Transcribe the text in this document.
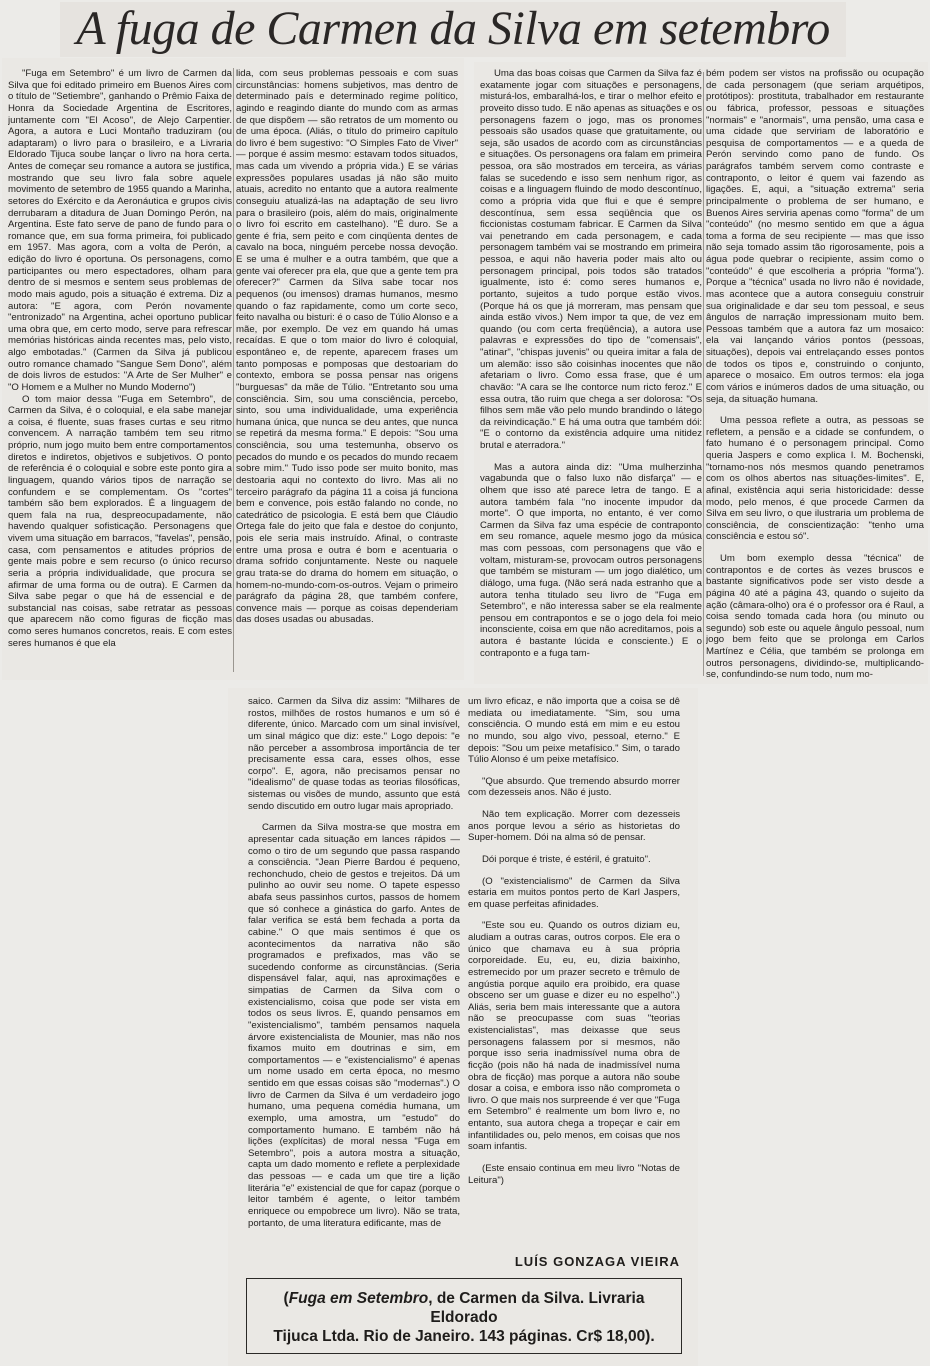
A fuga de Carmen da Silva em setembro

"Fuga em Setembro" é um livro de Carmen da Silva que foi editado primeiro em Buenos Aires com o título de "Setiembre", ganhando o Prêmio Faixa de Honra da Sociedade Argentina de Escritores, juntamente com "El Acoso", de Alejo Carpentier. Agora, a autora e Luci Montaño traduziram (ou adaptaram) o livro para o brasileiro, e a Livraria Eldorado Tijuca soube lançar o livro na hora certa. Antes de começar seu romance a autora se justifica, mostrando que seu livro fala sobre aquele movimento de setembro de 1955 quando a Marinha, setores do Exército e da Aeronáutica e grupos civis derrubaram a ditadura de Juan Domingo Perón, na Argentina. Este fato serve de pano de fundo para o romance que, em sua forma primeira, foi publicado em 1957. Mas agora, com a volta de Perón, a edição do livro é oportuna. Os personagens, como participantes ou mero espectadores, olham para dentro de si mesmos e sentem seus problemas de modo mais agudo, pois a situação é extrema. Diz a autora: "E agora, com Perón novamente "entronizado" na Argentina, achei oportuno publicar uma obra que, em certo modo, serve para refrescar memórias históricas ainda recentes mas, pelo visto, algo embotadas." (Carmen da Silva já publicou outro romance chamado "Sangue Sem Dono", além de dois livros de estudos: "A Arte de Ser Mulher" e "O Homem e a Mulher no Mundo Moderno")

O tom maior dessa "Fuga em Setembro", de Carmen da Silva, é o coloquial, e ela sabe manejar a coisa, é fluente, suas frases curtas e seu ritmo convencem. A narração também tem seu ritmo próprio, num jogo muito bem entre comportamentos diretos e indiretos, objetivos e subjetivos. O ponto de referência é o coloquial e sobre este ponto gira a linguagem, quando vários tipos de narração se confundem e se complementam. Os "cortes" também são bem explorados. É a linguagem de quem fala na rua, despreocupadamente, não havendo qualquer sofisticação. Personagens que vivem uma situação em barracos, "favelas", pensão, casa, com pensamentos e atitudes próprios de gente mais pobre e sem recurso (o único recurso seria a própria individualidade, que procura se afirmar de uma forma ou de outra). E Carmen da Silva sabe pegar o que há de essencial e de substancial nas coisas, sabe retratar as pessoas que aparecem não como figuras de ficção mas como seres humanos concretos, reais. E com estes seres humanos é que ela

lida, com seus problemas pessoais e com suas circunstâncias: homens subjetivos, mas dentro de determinado país e determinado regime político, agindo e reagindo diante do mundo com as armas de que dispõem — são retratos de um momento ou de uma época. (Aliás, o título do primeiro capítulo do livro é bem sugestivo: "O Simples Fato de Viver" — porque é assim mesmo: estavam todos situados, mas cada um vivendo a própria vida.) E se várias expressões populares usadas já não são muito atuais, acredito no entanto que a autora realmente conseguiu atualizá-las na adaptação de seu livro para o brasileiro (pois, além do mais, originalmente o livro foi escrito em castelhano). "É duro. Se a gente é fria, sem peito e com cinqüenta dentes de cavalo na boca, ninguém percebe nossa devoção. E se uma é mulher e a outra também, que que a gente vai oferecer pra ela, que que a gente tem pra oferecer?" Carmen da Silva sabe tocar nos pequenos (ou imensos) dramas humanos, mesmo quando o faz rapidamente, como um corte seco, feito navalha ou bisturi: é o caso de Túlio Alonso e a mãe, por exemplo. De vez em quando há umas recaídas. E que o tom maior do livro é coloquial, espontâneo e, de repente, aparecem frases um tanto pomposas e pomposas que destoariam do contexto, embora se possa pensar nas origens "burguesas" da mãe de Túlio. "Entretanto sou uma consciência. Sim, sou uma consciência, percebo, sinto, sou uma individualidade, uma experiência humana única, que nunca se deu antes, que nunca se repetirá da mesma forma." E depois: "Sou uma consciência, sou uma testemunha, observo os pecados do mundo e os pecados do mundo recaem sobre mim." Tudo isso pode ser muito bonito, mas destoaria aqui no contexto do livro. Mas ali no terceiro parágrafo da página 11 a coisa já funciona bem e convence, pois estão falando no conde, no catedrático de psicologia. E está bem que Cláudio Ortega fale do jeito que fala e destoe do conjunto, pois ele seria mais instruído. Afinal, o contraste entre uma prosa e outra é bom e acentuaria o drama sofrido conjuntamente. Neste ou naquele grau trata-se do drama do homem em situação, o homem-no-mundo-com-os-outros. Vejam o primeiro parágrafo da página 28, que também confere, convence mais — porque as coisas dependeriam das doses usadas ou abusadas.

Uma das boas coisas que Carmen da Silva faz é exatamente jogar com situações e personagens, misturá-los, embaralhá-los, e tirar o melhor efeito e proveito disso tudo. E não apenas as situações e os personagens fazem o jogo, mas os pronomes pessoais são usados quase que gratuitamente, ou seja, são usados de acordo com as circunstâncias e situações. Os personagens ora falam em primeira pessoa, ora são mostrados em terceira, as várias falas se sucedendo e isso sem nenhum rigor, as coisas e a linguagem fluindo de modo descontínuo, como a própria vida que flui e que é sempre descontínua, sem essa seqüência que os ficcionistas costumam fabricar. E Carmen da Silva vai penetrando em cada personagem, e cada personagem também vai se mostrando em primeira pessoa, e aqui não haveria poder mais alto ou personagem principal, pois todos são tratados igualmente, isto é: como seres humanos e, portanto, sujeitos a tudo porque estão vivos. (Porque há os que já morreram, mas pensam que ainda estão vivos.) Nem impor ta que, de vez em quando (ou com certa freqüência), a autora use palavras e expressões do tipo de "comensais", "atinar", "chispas juvenis" ou queira imitar a fala de um alemão: isso são coisinhas inocentes que não afetariam o livro. Como essa frase, que é um chavão: "A cara se lhe contorce num ricto feroz." E essa outra, tão ruim que chega a ser dolorosa: "Os filhos sem mãe vão pelo mundo brandindo o látego da reivindicação." E há uma outra que também dói: "E o contorno da existência adquire uma nitidez brutal e aterradora."

Mas a autora ainda diz: "Uma mulherzinha vagabunda que o falso luxo não disfarça" — e olhem que isso até parece letra de tango. E a autora também fala "no inocente impudor da morte". O que importa, no entanto, é ver como Carmen da Silva faz uma espécie de contraponto em seu romance, aquele mesmo jogo da música mas com pessoas, com personagens que vão e voltam, misturam-se, provocam outros personagens que também se misturam — um jogo dialético, um diálogo, uma fuga. (Não será nada estranho que a autora tenha titulado seu livro de "Fuga em Setembro", e não interessa saber se ela realmente pensou em contrapontos e se o jogo dela foi meio inconsciente, coisa em que não acreditamos, pois a autora é bastante lúcida e consciente.) E o contraponto e a fuga tam-

bém podem ser vistos na profissão ou ocupação de cada personagem (que seriam arquétipos, protótipos): prostituta, trabalhador em restaurante ou fábrica, professor, pessoas e situações "normais" e "anormais", uma pensão, uma casa e uma cidade que serviriam de laboratório e pesquisa de comportamentos — e a queda de Perón servindo como pano de fundo. Os parágrafos também servem como contraste e contraponto, o leitor é quem vai fazendo as ligações. E, aqui, a "situação extrema" seria principalmente o problema de ser humano, e Buenos Aires serviria apenas como "forma" de um "conteúdo" (no mesmo sentido em que a água toma a forma de seu recipiente — mas que isso não seja tomado assim tão rigorosamente, pois a água pode quebrar o recipiente, assim como o "conteúdo" é que escolheria a própria "forma"). Porque a "técnica" usada no livro não é novidade, mas acontece que a autora conseguiu construir sua originalidade e dar seu tom pessoal, e seus ângulos de narração impressionam muito bem. Pessoas também que a autora faz um mosaico: ela vai lançando vários pontos (pessoas, situações), depois vai entrelaçando esses pontos de todos os tipos e, construindo o conjunto, aparece o mosaico. Em outros termos: ela joga com vários e inúmeros dados de uma situação, ou seja, da situação humana.

Uma pessoa reflete a outra, as pessoas se refletem, a pensão e a cidade se confundem, o fato humano é o personagem principal. Como queria Jaspers e como explica I. M. Bochenski, "tornamo-nos nós mesmos quando penetramos com os olhos abertos nas situações-limites". E, afinal, existência aqui seria historicidade: desse modo, pelo menos, é que procede Carmen da Silva em seu livro, o que ilustraria um problema de consciência, de conscientização: "tenho uma consciência e estou só".

Um bom exemplo dessa "técnica" de contrapontos e de cortes às vezes bruscos e bastante significativos pode ser visto desde a página 40 até a página 43, quando o sujeito da ação (câmara-olho) ora é o professor ora é Raul, a coisa sendo tomada cada hora (ou minuto ou segundo) sob este ou aquele ângulo pessoal, num jogo bem feito que se prolonga em Carlos Martínez e Célia, que também se prolonga em outros personagens, dividindo-se, multiplicando-se, confundindo-se num todo, num mo-

saico. Carmen da Silva diz assim: "Milhares de rostos, milhões de rostos humanos e um só é diferente, único. Marcado com um sinal invisível, um sinal mágico que diz: este." Logo depois: "e não perceber a assombrosa importância de ter precisamente essa cara, esses olhos, esse corpo". E, agora, não precisamos pensar no "idealismo" de quase todas as teorias filosóficas, sistemas ou visões de mundo, assunto que está sendo discutido em outro lugar mais apropriado.

Carmen da Silva mostra-se que mostra em apresentar cada situação em lances rápidos — como o tiro de um segundo que passa raspando a consciência. "Jean Pierre Bardou é pequeno, rechonchudo, cheio de gestos e trejeitos. Dá um pulinho ao ouvir seu nome. O tapete espesso abafa seus passinhos curtos, passos de homem que só conhece a ginástica do garfo. Antes de falar verifica se está bem fechada a porta da cabine." O que mais sentimos é que os acontecimentos da narrativa não são programados e prefixados, mas vão se sucedendo conforme as circunstâncias. (Seria dispensável falar, aqui, nas aproximações e simpatias de Carmen da Silva com o existencialismo, coisa que pode ser vista em todos os seus livros. E, quando pensamos em "existencialismo", também pensamos naquela árvore existencialista de Mounier, mas não nos fixamos muito em doutrinas e sim, em comportamentos — e "existencialismo" é apenas um nome usado em certa época, no mesmo sentido em que essas coisas são "modernas".) O livro de Carmen da Silva é um verdadeiro jogo humano, uma pequena comédia humana, um exemplo, uma amostra, um "estudo" do comportamento humano. E também não há lições (explícitas) de moral nessa "Fuga em Setembro", pois a autora mostra a situação, capta um dado momento e reflete a perplexidade das pessoas — e cada um que tire a lição literária "e" existencial de que for capaz (porque o leitor também é agente, o leitor também enriquece ou empobrece um livro). Não se trata, portanto, de uma literatura edificante, mas de

um livro eficaz, e não importa que a coisa se dê mediata ou imediatamente. "Sim, sou uma consciência. O mundo está em mim e eu estou no mundo, sou algo vivo, pessoal, eterno." E depois: "Sou um peixe metafísico." Sim, o tarado Túlio Alonso é um peixe metafísico.

"Que absurdo. Que tremendo absurdo morrer com dezesseis anos. Não é justo.

Não tem explicação. Morrer com dezesseis anos porque levou a sério as historietas do Super-homem. Dói na alma só de pensar.

Dói porque é triste, é estéril, é gratuito".

(O "existencialismo" de Carmen da Silva estaria em muitos pontos perto de Karl Jaspers, em quase perfeitas afinidades.

"Este sou eu. Quando os outros diziam eu, aludiam a outras caras, outros corpos. Ele era o único que chamava eu à sua própria corporeidade. Eu, eu, eu, dizia baixinho, estremecido por um prazer secreto e trêmulo de angústia porque aquilo era proibido, era quase obsceno ser um guase e dizer eu no espelho".) Aliás, seria bem mais interessante que a autora não se preocupasse com suas "teorias existencialistas", mas deixasse que seus personagens falassem por si mesmos, não porque isso seria inadmissível numa obra de ficção (pois não há nada de inadmissível numa obra de ficção) mas porque a autora não soube dosar a coisa, e embora isso não comprometa o livro. O que mais nos surpreende é ver que "Fuga em Setembro" é realmente um bom livro e, no entanto, sua autora chega a tropeçar e cair em infantilidades ou, pelo menos, em coisas que nos soam infantis.

(Este ensaio continua em meu livro "Notas de Leitura")

LUÍS GONZAGA VIEIRA

(Fuga em Setembro, de Carmen da Silva. Livraria Eldorado
Tijuca Ltda. Rio de Janeiro. 143 páginas. Cr$ 18,00).
